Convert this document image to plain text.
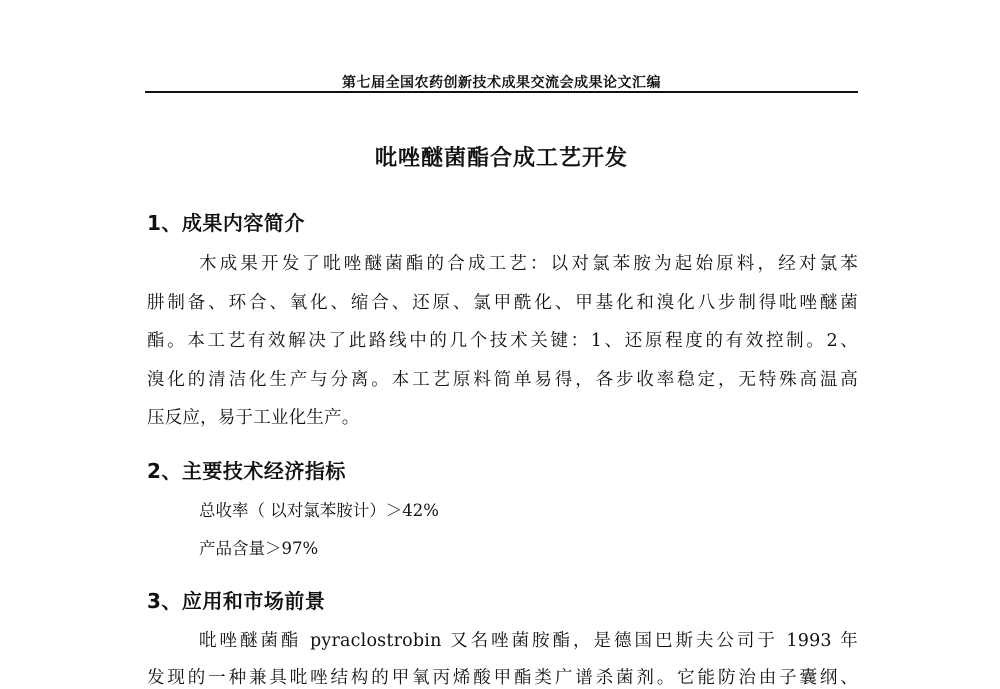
第七届全国农药创新技术成果交流会成果论文汇编
吡唑醚菌酯合成工艺开发
1、成果内容简介
木成果开发了吡唑醚菌酯的合成工艺：以对氯苯胺为起始原料，经对氯苯
肼制备、环合、氧化、缩合、还原、氯甲酰化、甲基化和溴化八步制得吡唑醚菌
酯。本工艺有效解决了此路线中的几个技术关键：1、还原程度的有效控制。2、
溴化的清洁化生产与分离。本工艺原料简单易得，各步收率稳定，无特殊高温高
压反应，易于工业化生产。
2、主要技术经济指标
总收率（ 以对氯苯胺计）＞42%
产品含量＞97%
3、应用和市场前景
吡唑醚菌酯 pyraclostrobin 又名唑菌胺酯，是德国巴斯夫公司于 1993 年
发现的一种兼具吡唑结构的甲氧丙烯酸甲酯类广谱杀菌剂。它能防治由子囊纲、
